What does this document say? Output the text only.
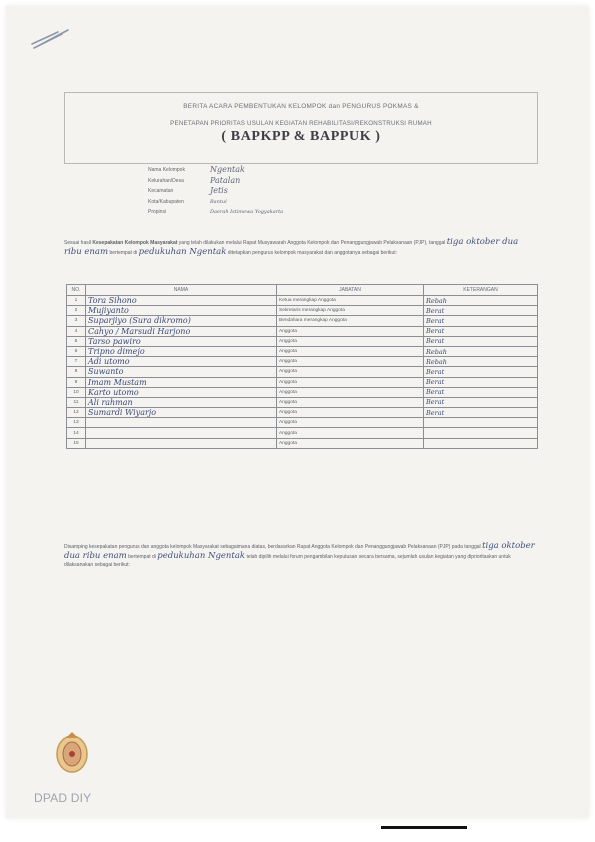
BERITA ACARA PEMBENTUKAN KELOMPOK dan PENGURUS POKMAS &
PENETAPAN PRIORITAS USULAN KEGIATAN REHABILITASI/REKONSTRUKSI RUMAH
( BAPKPP & BAPPUK )
Nama Kelompok	Ngentak
Kelurahan/Desa	Patalan
Kecamatan	Jetis
Kota/Kabupaten	Bantul
Propinsi	Daerah Istimewa Yogyakarta
Sesuai hasil Kesepakatan Kelompok Masyarakat yang telah dilakukan melalui Rapat Musyawarah Anggota Kelompok dan Penanggungjawab Pelaksanaan (PJP), tanggal tiga oktober dua ribu enam bertempat di pedukuhan Ngentak ditetapkan pengurus kelompok masyarakat dan anggotanya sebagai berikut:
NO.	NAMA	JABATAN	KETERANGAN
1	Tora Sihono	Ketua merangkap Anggota	Rebah
2	Mujiyanto	Sekretaris merangkap Anggota	Berat
3	Suparjiyo (Sura dikromo)	Bendahara merangkap Anggota	Berat
4	Cahyo / Marsudi Harjono	Anggota	Berat
5	Tarso pawiro	Anggota	Berat
6	Tripno dimejo	Anggota	Rebah
7	Adi utomo	Anggota	Rebah
8	Suwanto	Anggota	Berat
9	Imam Mustam	Anggota	Berat
10	Karto utomo	Anggota	Berat
11	Ali rahman	Anggota	Berat
12	Sumardi Wiyarjo	Anggota	Berat
13		Anggota	
14		Anggota	
15		Anggota	
Disamping kesepakatan pengurus dan anggota kelompok Masyarakat sebagaimana diatas, berdasarkan Rapat Anggota Kelompok dan Penanggungjawab Pelaksanaan (PJP) pada tanggal tiga oktober dua ribu enam bertempat di pedukuhan Ngentak telah dipilih melalui forum pengambilan keputusan secara bersama, sejumlah usulan kegiatan yang diprioritaskan untuk dilaksanakan sebagai berikut:
DPAD DIY
